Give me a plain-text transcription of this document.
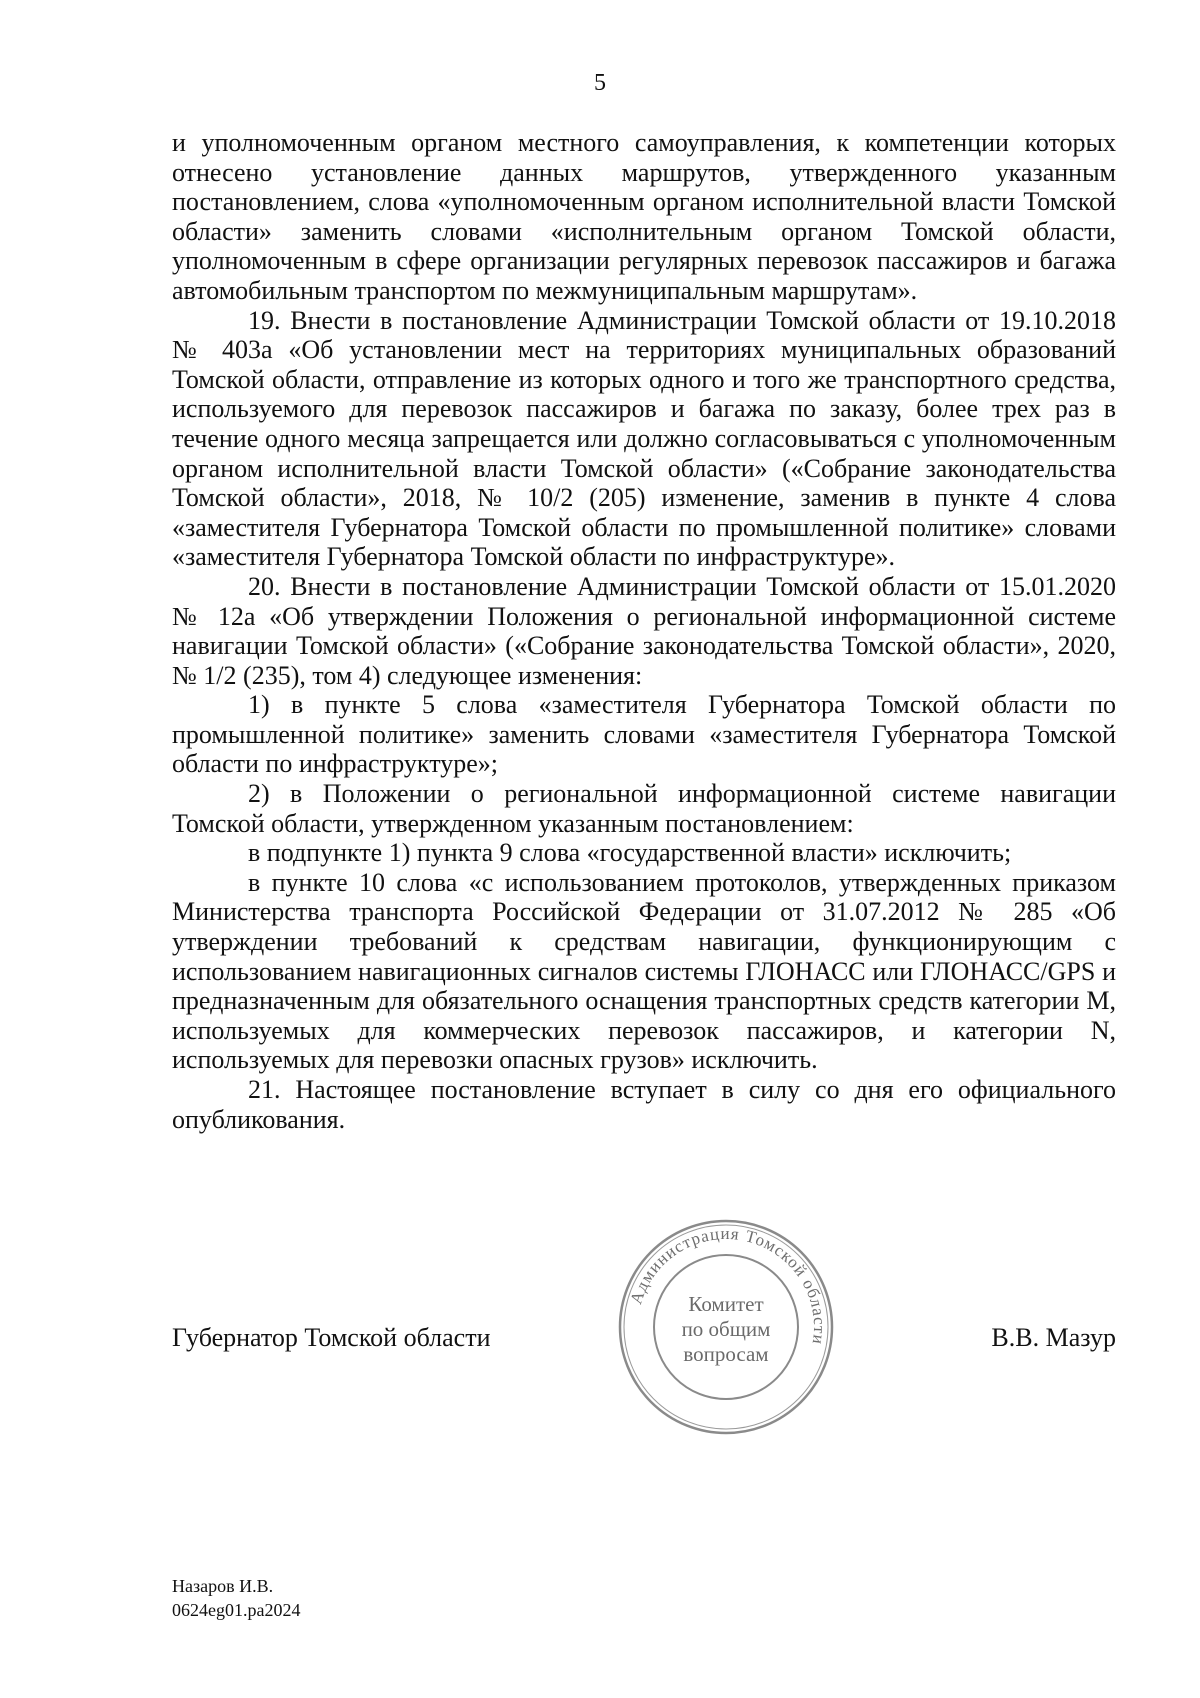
5

и уполномоченным органом местного самоуправления, к компетенции которых отнесено установление данных маршрутов, утвержденного указанным постановлением, слова «уполномоченным органом исполнительной власти Томской области» заменить словами «исполнительным органом Томской области, уполномоченным в сфере организации регулярных перевозок пассажиров и багажа автомобильным транспортом по межмуниципальным маршрутам».

19. Внести в постановление Администрации Томской области от 19.10.2018 № 403а «Об установлении мест на территориях муниципальных образований Томской области, отправление из которых одного и того же транспортного средства, используемого для перевозок пассажиров и багажа по заказу, более трех раз в течение одного месяца запрещается или должно согласовываться с уполномоченным органом исполнительной власти Томской области» («Собрание законодательства Томской области», 2018, № 10/2 (205) изменение, заменив в пункте 4 слова «заместителя Губернатора Томской области по промышленной политике» словами «заместителя Губернатора Томской области по инфраструктуре».

20. Внести в постановление Администрации Томской области от 15.01.2020 № 12а «Об утверждении Положения о региональной информационной системе навигации Томской области» («Собрание законодательства Томской области», 2020, № 1/2 (235), том 4) следующее изменения:

1) в пункте 5 слова «заместителя Губернатора Томской области по промышленной политике» заменить словами «заместителя Губернатора Томской области по инфраструктуре»;

2) в Положении о региональной информационной системе навигации Томской области, утвержденном указанным постановлением:

в подпункте 1) пункта 9 слова «государственной власти» исключить;

в пункте 10 слова «с использованием протоколов, утвержденных приказом Министерства транспорта Российской Федерации от 31.07.2012 № 285 «Об утверждении требований к средствам навигации, функционирующим с использованием навигационных сигналов системы ГЛОНАСС или ГЛОНАСС/GPS и предназначенным для обязательного оснащения транспортных средств категории M, используемых для коммерческих перевозок пассажиров, и категории N, используемых для перевозки опасных грузов» исключить.

21. Настоящее постановление вступает в силу со дня его официального опубликования.

Губернатор Томской области	В.В. Мазур
Администрация Томской области
Комитет
по общим
вопросам
Назаров И.В.
0624eg01.pa2024
